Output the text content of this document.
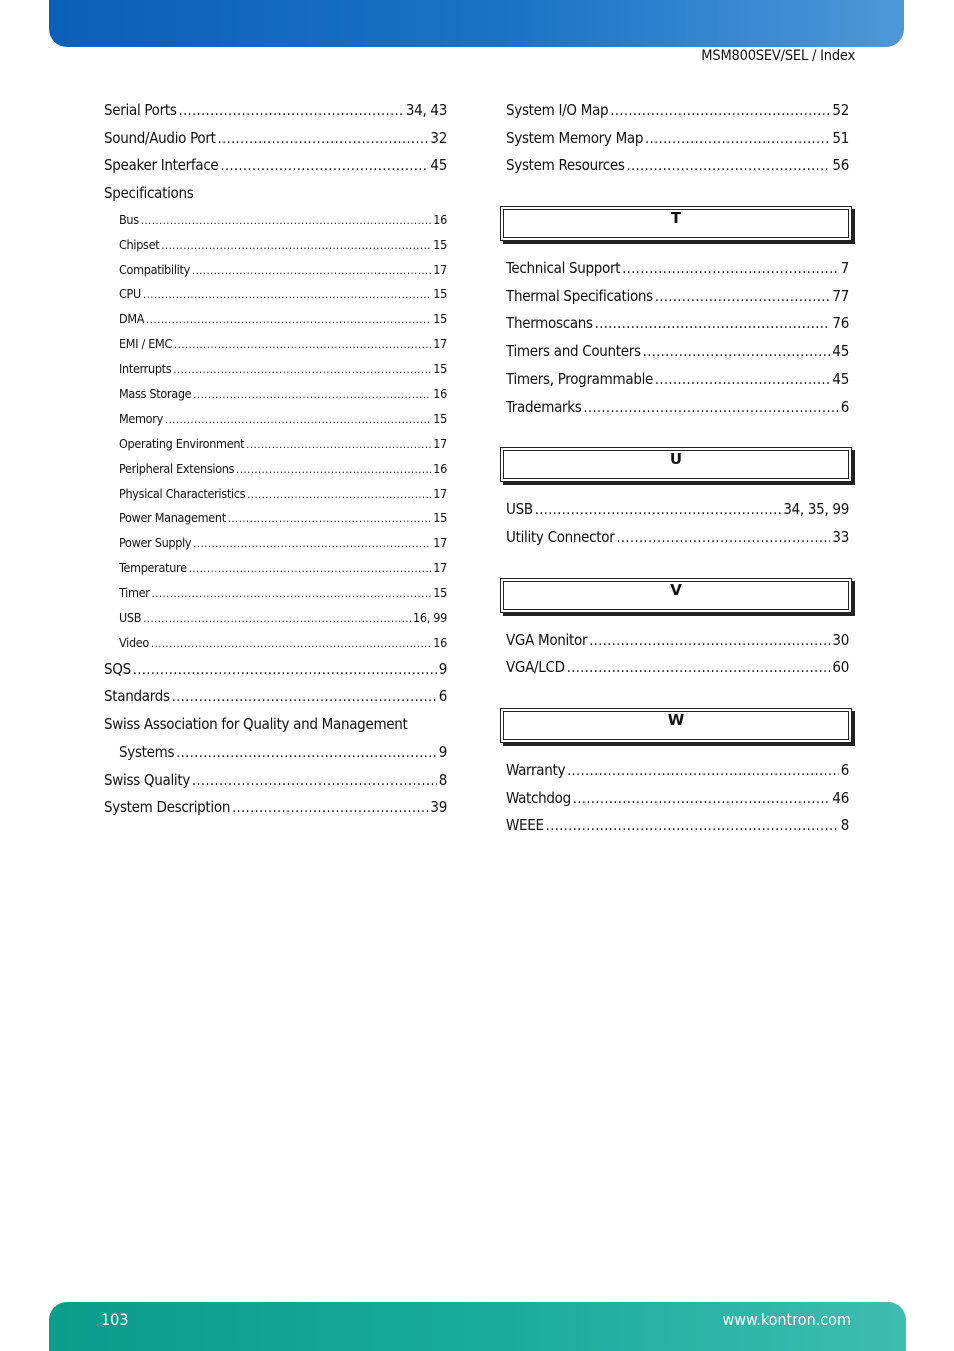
MSM800SEV/SEL / Index
Serial Ports .....	34, 43
Sound/Audio Port .....	32
Speaker Interface .....	45
Specifications
Bus .....	16
Chipset .....	15
Compatibility .....	17
CPU .....	15
DMA .....	15
EMI / EMC .....	17
Interrupts .....	15
Mass Storage .....	16
Memory .....	15
Operating Environment .....	17
Peripheral Extensions .....	16
Physical Characteristics .....	17
Power Management .....	15
Power Supply .....	17
Temperature .....	17
Timer .....	15
USB .....	16, 99
Video .....	16
SQS .....	9
Standards .....	6
Swiss Association for Quality and Management
Systems .....	9
Swiss Quality .....	8
System Description .....	39
System I/O Map .....	52
System Memory Map .....	51
System Resources .....	56
T
Technical Support .....	7
Thermal Specifications .....	77
Thermoscans .....	76
Timers and Counters .....	45
Timers, Programmable .....	45
Trademarks .....	6
U
USB .....	34, 35, 99
Utility Connector .....	33
V
VGA Monitor .....	30
VGA/LCD .....	60
W
Warranty .....	6
Watchdog .....	46
WEEE .....	8
103	www.kontron.com
